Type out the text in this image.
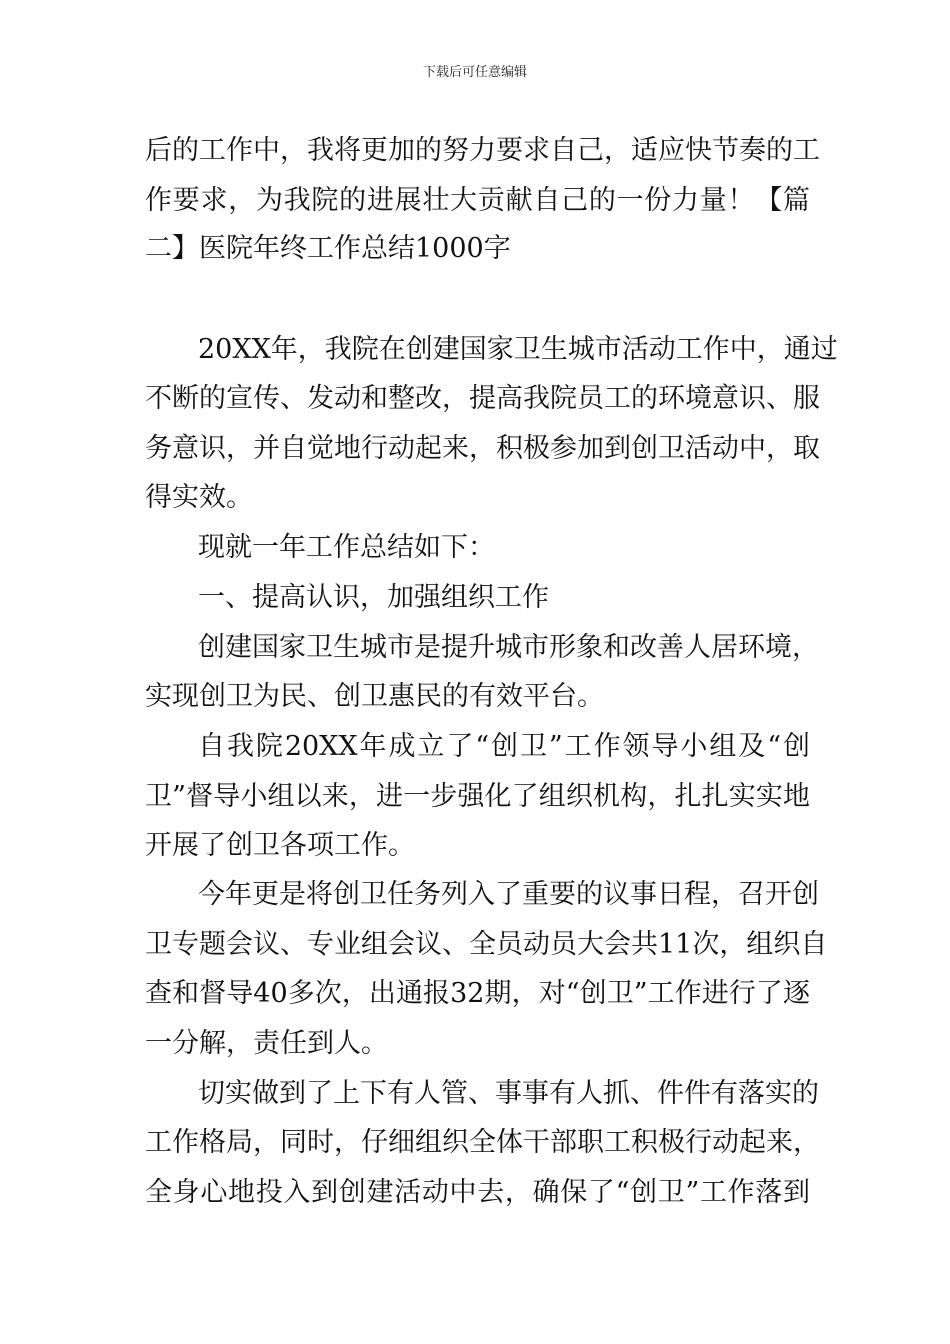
下载后可任意编辑
后的工作中，我将更加的努力要求自己，适应快节奏的工
作要求，为我院的进展壮大贡献自己的一份力量！【篇
二】医院年终工作总结1000字
20XX年，我院在创建国家卫生城市活动工作中，通过
不断的宣传、发动和整改，提高我院员工的环境意识、服
务意识，并自觉地行动起来，积极参加到创卫活动中，取
得实效。
现就一年工作总结如下：
一、提高认识，加强组织工作
创建国家卫生城市是提升城市形象和改善人居环境，
实现创卫为民、创卫惠民的有效平台。
自我院20XX年成立了“创卫”工作领导小组及“创
卫”督导小组以来，进一步强化了组织机构，扎扎实实地
开展了创卫各项工作。
今年更是将创卫任务列入了重要的议事日程，召开创
卫专题会议、专业组会议、全员动员大会共11次，组织自
查和督导40多次，出通报32期，对“创卫”工作进行了逐
一分解，责任到人。
切实做到了上下有人管、事事有人抓、件件有落实的
工作格局，同时，仔细组织全体干部职工积极行动起来，
全身心地投入到创建活动中去，确保了“创卫”工作落到
